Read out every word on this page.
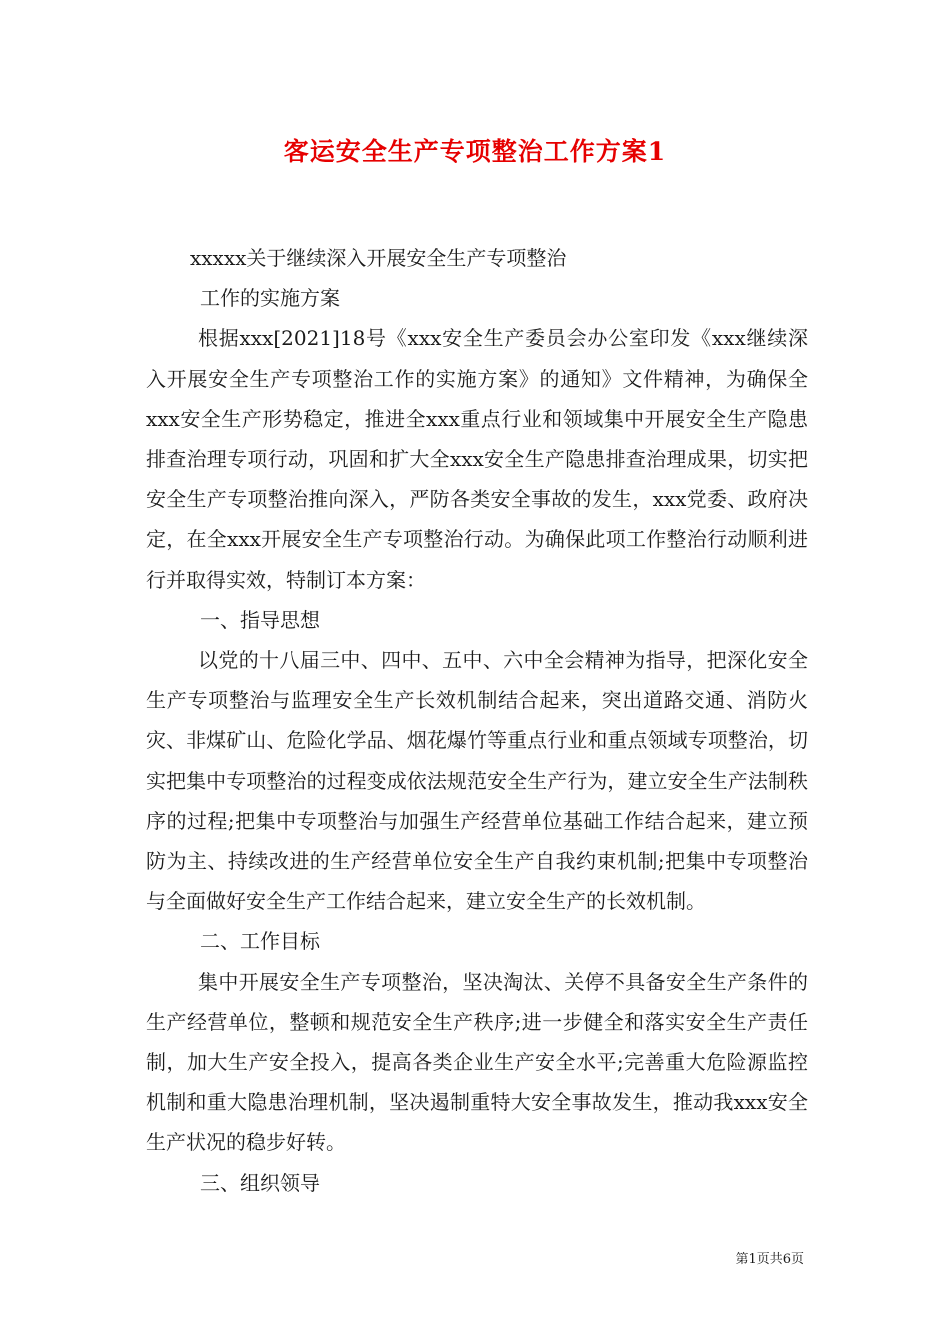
客运安全生产专项整治工作方案1
xxxxx关于继续深入开展安全生产专项整治
工作的实施方案

根据xxx[2021]18号《xxx安全生产委员会办公室印发《xxx继续深入开展安全生产专项整治工作的实施方案》的通知》文件精神，为确保全xxx安全生产形势稳定，推进全xxx重点行业和领域集中开展安全生产隐患排查治理专项行动，巩固和扩大全xxx安全生产隐患排查治理成果，切实把安全生产专项整治推向深入，严防各类安全事故的发生，xxx党委、政府决定，在全xxx开展安全生产专项整治行动。为确保此项工作整治行动顺利进行并取得实效，特制订本方案：

一、指导思想

以党的十八届三中、四中、五中、六中全会精神为指导，把深化安全生产专项整治与监理安全生产长效机制结合起来，突出道路交通、消防火灾、非煤矿山、危险化学品、烟花爆竹等重点行业和重点领域专项整治，切实把集中专项整治的过程变成依法规范安全生产行为，建立安全生产法制秩序的过程;把集中专项整治与加强生产经营单位基础工作结合起来，建立预防为主、持续改进的生产经营单位安全生产自我约束机制;把集中专项整治与全面做好安全生产工作结合起来，建立安全生产的长效机制。

二、工作目标

集中开展安全生产专项整治，坚决淘汰、关停不具备安全生产条件的生产经营单位，整顿和规范安全生产秩序;进一步健全和落实安全生产责任制，加大生产安全投入，提高各类企业生产安全水平;完善重大危险源监控机制和重大隐患治理机制，坚决遏制重特大安全事故发生，推动我xxx安全生产状况的稳步好转。

三、组织领导

第1页共6页
